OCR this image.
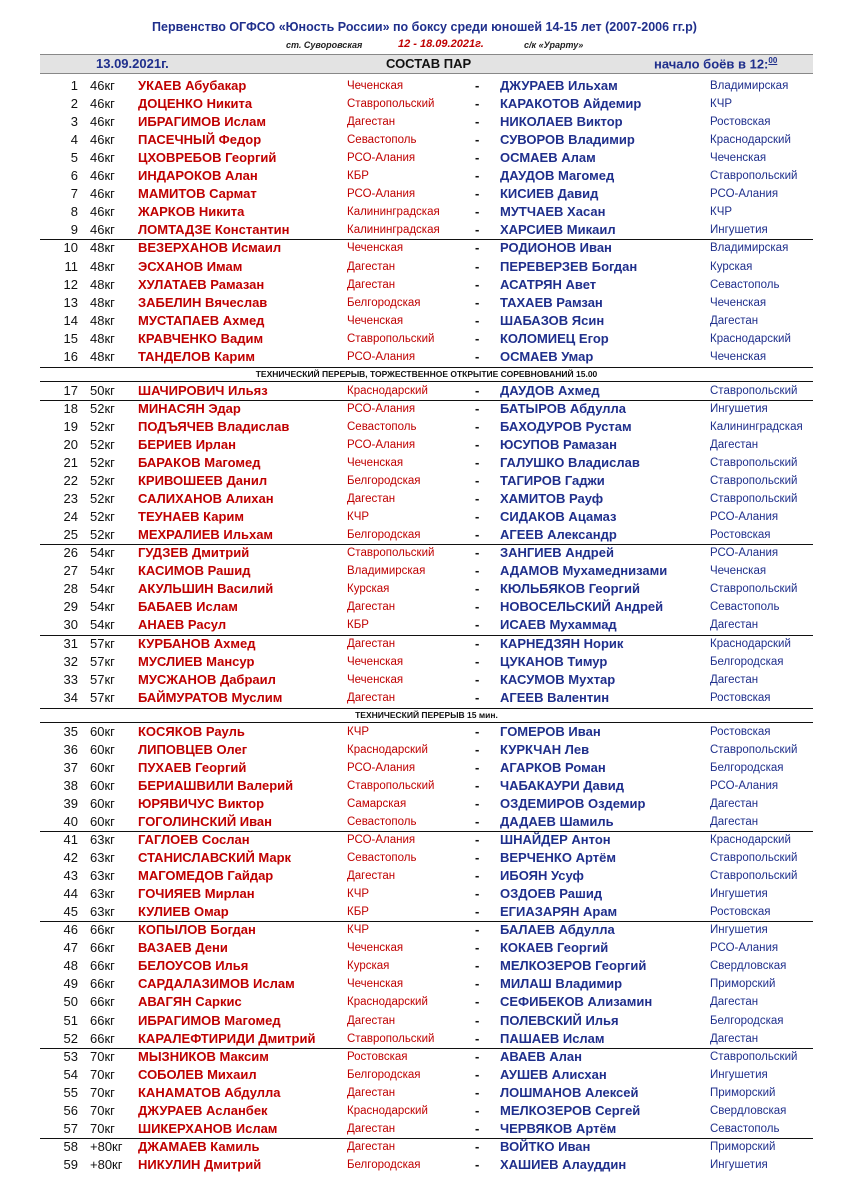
Первенство ОГФСО «Юность России» по боксу среди юношей 14-15 лет (2007-2006 гг.р)
ст. Суворовская	12 - 18.09.2021г.	с/к «Урарту»
13.09.2021г.	СОСТАВ ПАР	начало боёв в 12:$^{00}$
1 46кг УКАЕВ Абубакар	Чеченская	- ДЖУРАЕВ Ильхам	Владимирская
2 46кг ДОЦЕНКО Никита	Ставропольский	- КАРАКОТОВ Айдемир	КЧР
3 46кг ИБРАГИМОВ Ислам	Дагестан	- НИКОЛАЕВ Виктор	Ростовская
4 46кг ПАСЕЧНЫЙ Федор	Севастополь	- СУВОРОВ Владимир	Краснодарский
5 46кг ЦХОВРЕБОВ Георгий	РСО-Алания	- ОСМАЕВ Алам	Чеченская
6 46кг ИНДАРОКОВ Алан	КБР	- ДАУДОВ Магомед	Ставропольский
7 46кг МАМИТОВ Сармат	РСО-Алания	- КИСИЕВ Давид	РСО-Алания
8 46кг ЖАРКОВ Никита	Калининградская	- МУТЧАЕВ Хасан	КЧР
9 46кг ЛОМТАДЗЕ Константин	Калининградская	- ХАРСИЕВ Микаил	Ингушетия
10 48кг ВЕЗЕРХАНОВ Исмаил	Чеченская	- РОДИОНОВ Иван	Владимирская
11 48кг ЭСХАНОВ Имам	Дагестан	- ПЕРЕВЕРЗЕВ Богдан	Курская
12 48кг ХУЛАТАЕВ Рамазан	Дагестан	- АСАТРЯН Авет	Севастополь
13 48кг ЗАБЕЛИН Вячеслав	Белгородская	- ТАХАЕВ Рамзан	Чеченская
14 48кг МУСТАПАЕВ Ахмед	Чеченская	- ШАБАЗОВ Ясин	Дагестан
15 48кг КРАВЧЕНКО Вадим	Ставропольский	- КОЛОМИЕЦ Егор	Краснодарский
16 48кг ТАНДЕЛОВ Карим	РСО-Алания	- ОСМАЕВ Умар	Чеченская
ТЕХНИЧЕСКИЙ ПЕРЕРЫВ, ТОРЖЕСТВЕННОЕ ОТКРЫТИЕ СОРЕВНОВАНИЙ 15.00
17 50кг ШАЧИРОВИЧ Ильяз	Краснодарский	- ДАУДОВ Ахмед	Ставропольский
18 52кг МИНАСЯН Эдар	РСО-Алания	- БАТЫРОВ Абдулла	Ингушетия
19 52кг ПОДЪЯЧЕВ Владислав	Севастополь	- БАХОДУРОВ Рустам	Калининградская
20 52кг БЕРИЕВ Ирлан	РСО-Алания	- ЮСУПОВ Рамазан	Дагестан
21 52кг БАРАКОВ Магомед	Чеченская	- ГАЛУШКО Владислав	Ставропольский
22 52кг КРИВОШЕЕВ Данил	Белгородская	- ТАГИРОВ Гаджи	Ставропольский
23 52кг САЛИХАНОВ Алихан	Дагестан	- ХАМИТОВ Рауф	Ставропольский
24 52кг ТЕУНАЕВ Карим	КЧР	- СИДАКОВ Ацамаз	РСО-Алания
25 52кг МЕХРАЛИЕВ Ильхам	Белгородская	- АГЕЕВ Александр	Ростовская
26 54кг ГУДЗЕВ Дмитрий	Ставропольский	- ЗАНГИЕВ Андрей	РСО-Алания
27 54кг КАСИМОВ Рашид	Владимирская	- АДАМОВ Мухамеднизами	Чеченская
28 54кг АКУЛЬШИН Василий	Курская	- КЮЛЬБЯКОВ Георгий	Ставропольский
29 54кг БАБАЕВ Ислам	Дагестан	- НОВОСЕЛЬСКИЙ Андрей	Севастополь
30 54кг АНАЕВ Расул	КБР	- ИСАЕВ Мухаммад	Дагестан
31 57кг КУРБАНОВ Ахмед	Дагестан	- КАРНЕДЗЯН Норик	Краснодарский
32 57кг МУСЛИЕВ Мансур	Чеченская	- ЦУКАНОВ Тимур	Белгородская
33 57кг МУСЖАНОВ Дабраил	Чеченская	- КАСУМОВ Мухтар	Дагестан
34 57кг БАЙМУРАТОВ Муслим	Дагестан	- АГЕЕВ Валентин	Ростовская
ТЕХНИЧЕСКИЙ ПЕРЕРЫВ 15 мин.
35 60кг КОСЯКОВ Рауль	КЧР	- ГОМЕРОВ Иван	Ростовская
36 60кг ЛИПОВЦЕВ Олег	Краснодарский	- КУРКЧАН Лев	Ставропольский
37 60кг ПУХАЕВ Георгий	РСО-Алания	- АГАРКОВ Роман	Белгородская
38 60кг БЕРИАШВИЛИ Валерий	Ставропольский	- ЧАБАКАУРИ Давид	РСО-Алания
39 60кг ЮРЯВИЧУС Виктор	Самарская	- ОЗДЕМИРОВ Оздемир	Дагестан
40 60кг ГОГОЛИНСКИЙ Иван	Севастополь	- ДАДАЕВ Шамиль	Дагестан
41 63кг ГАГЛОЕВ Сослан	РСО-Алания	- ШНАЙДЕР Антон	Краснодарский
42 63кг СТАНИСЛАВСКИЙ Марк	Севастополь	- ВЕРЧЕНКО Артём	Ставропольский
43 63кг МАГОМЕДОВ Гайдар	Дагестан	- ИБОЯН Усуф	Ставропольский
44 63кг ГОЧИЯЕВ Мирлан	КЧР	- ОЗДОЕВ Рашид	Ингушетия
45 63кг КУЛИЕВ Омар	КБР	- ЕГИАЗАРЯН Арам	Ростовская
46 66кг КОПЫЛОВ Богдан	КЧР	- БАЛАЕВ Абдулла	Ингушетия
47 66кг ВАЗАЕВ Дени	Чеченская	- КОКАЕВ Георгий	РСО-Алания
48 66кг БЕЛОУСОВ Илья	Курская	- МЕЛКОЗЕРОВ Георгий	Свердловская
49 66кг САРДАЛАЗИМОВ Ислам	Чеченская	- МИЛАШ Владимир	Приморский
50 66кг АВАГЯН Саркис	Краснодарский	- СЕФИБЕКОВ Ализамин	Дагестан
51 66кг ИБРАГИМОВ Магомед	Дагестан	- ПОЛЕВСКИЙ Илья	Белгородская
52 66кг КАРАЛЕФТИРИДИ Дмитрий	Ставропольский	- ПАШАЕВ Ислам	Дагестан
53 70кг МЫЗНИКОВ Максим	Ростовская	- АВАЕВ Алан	Ставропольский
54 70кг СОБОЛЕВ Михаил	Белгородская	- АУШЕВ Алисхан	Ингушетия
55 70кг КАНАМАТОВ Абдулла	Дагестан	- ЛОШМАНОВ Алексей	Приморский
56 70кг ДЖУРАЕВ Асланбек	Краснодарский	- МЕЛКОЗЕРОВ Сергей	Свердловская
57 70кг ШИКЕРХАНОВ Ислам	Дагестан	- ЧЕРВЯКОВ Артём	Севастополь
58 +80кг ДЖАМАЕВ Камиль	Дагестан	- ВОЙТКО Иван	Приморский
59 +80кг НИКУЛИН Дмитрий	Белгородская	- ХАШИЕВ Алауддин	Ингушетия
